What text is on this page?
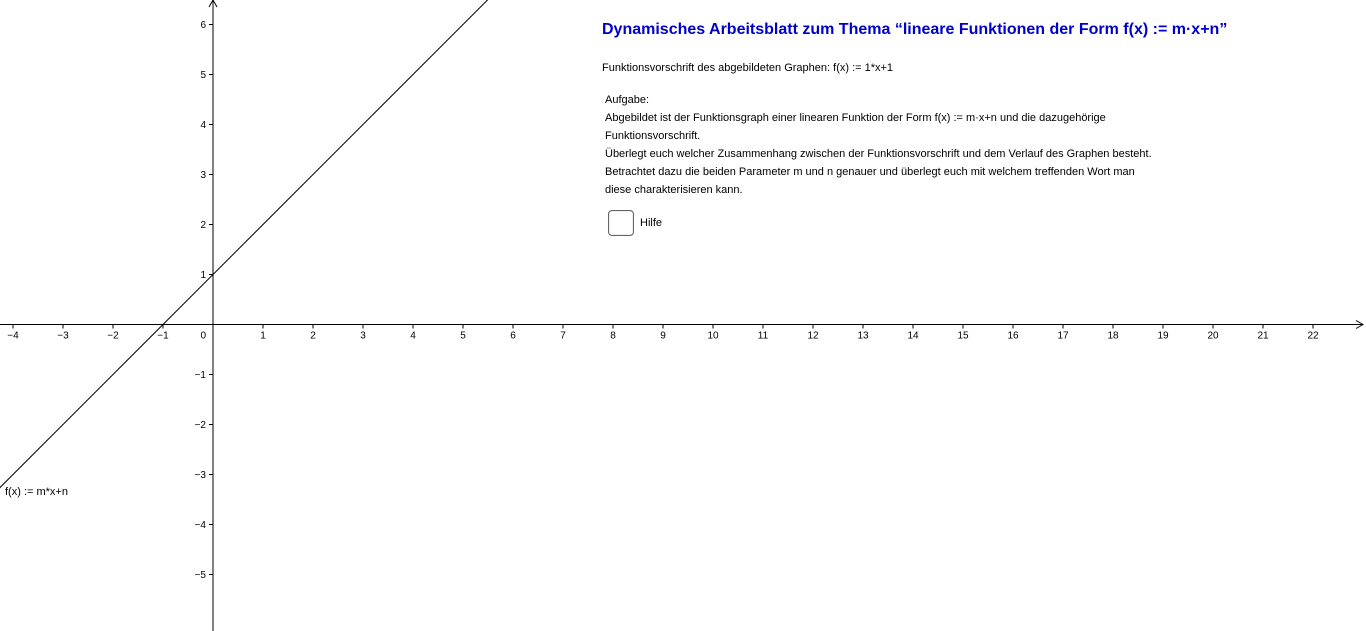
−4	−3	−2	−1	1	2	3	4	5	6	7	8	9	10	11	12	13	14	15	16	17	18	19	20	21	22
−5
−4
−3
−2
−1
1
2
3
4
5
6
0
Dynamisches Arbeitsblatt zum Thema “lineare Funktionen der Form f(x) := m·x+n”
Funktionsvorschrift des abgebildeten Graphen: f(x) := 1*x+1
Aufgabe:
Abgebildet ist der Funktionsgraph einer linearen Funktion der Form f(x) := m·x+n und die dazugehörige
Funktionsvorschrift.
Überlegt euch welcher Zusammenhang zwischen der Funktionsvorschrift und dem Verlauf des Graphen besteht.
Betrachtet dazu die beiden Parameter m und n genauer und überlegt euch mit welchem treffenden Wort man
diese charakterisieren kann.
Hilfe
f(x) := m*x+n
